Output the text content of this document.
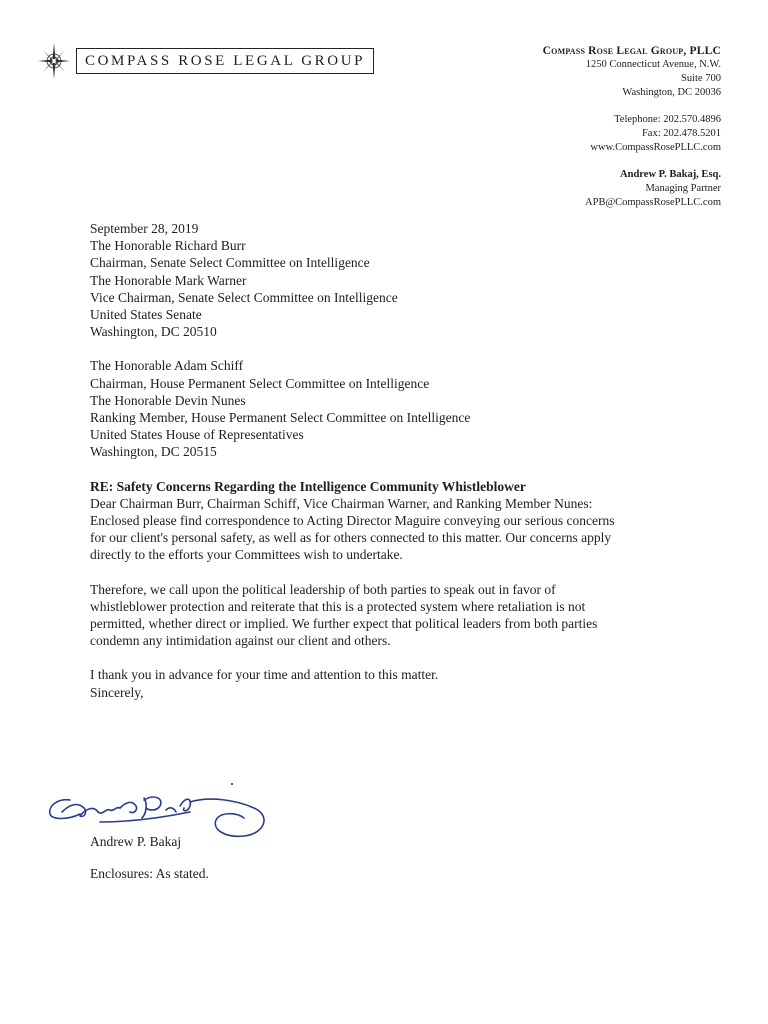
COMPASS ROSE LEGAL GROUP
Compass Rose Legal Group, PLLC
1250 Connecticut Avenue, N.W.
Suite 700
Washington, DC 20036
Telephone: 202.570.4896
Fax: 202.478.5201
www.CompassRosePLLC.com
Andrew P. Bakaj, Esq.
Managing Partner
APB@CompassRosePLLC.com

September 28, 2019

The Honorable Richard Burr

Chairman, Senate Select Committee on Intelligence

The Honorable Mark Warner

Vice Chairman, Senate Select Committee on Intelligence

United States Senate

Washington, DC 20510

The Honorable Adam Schiff

Chairman, House Permanent Select Committee on Intelligence

The Honorable Devin Nunes

Ranking Member, House Permanent Select Committee on Intelligence

United States House of Representatives

Washington, DC 20515

RE: Safety Concerns Regarding the Intelligence Community Whistleblower

Dear Chairman Burr, Chairman Schiff, Vice Chairman Warner, and Ranking Member Nunes:

Enclosed please find correspondence to Acting Director Maguire conveying our serious concerns

for our client's personal safety, as well as for others connected to this matter. Our concerns apply

directly to the efforts your Committees wish to undertake.

Therefore, we call upon the political leadership of both parties to speak out in favor of

whistleblower protection and reiterate that this is a protected system where retaliation is not

permitted, whether direct or implied. We further expect that political leaders from both parties

condemn any intimidation against our client and others.

I thank you in advance for your time and attention to this matter.

Sincerely,

Andrew P. Bakaj
Enclosures: As stated.
